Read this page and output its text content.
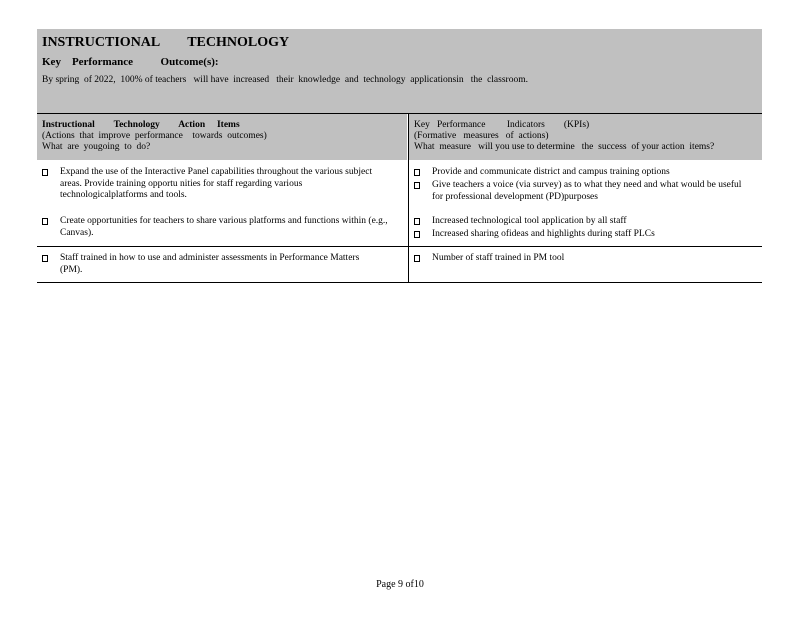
INSTRUCTIONAL        TECHNOLOGY
Key    Performance          Outcome(s):
By spring  of 2022,  100% of teachers   will have  increased   their  knowledge  and  technology  applicationsin   the  classroom.
Instructional        Technology        Action     Items
(Actions  that  improve  performance    towards  outcomes)
What  are  yougoing  to  do?
Key   Performance         Indicators        (KPIs)
(Formative   measures   of  actions)
What  measure   will you use to determine   the  success  of your action  items?
Expand the use of the Interactive Panel capabilities throughout the various subject areas. Provide training opportu nities for staff regarding various technologicalplatforms and tools.
Create opportunities for teachers to share various platforms and functions within (e.g., Canvas).
Provide and communicate district and campus training options
Give teachers a voice (via survey) as to what they need and what would be useful for professional development (PD)purposes
Increased technological tool application by all staff
Increased sharing ofideas and highlights during staff PLCs
Staff trained in how to use and administer assessments in Performance Matters (PM).
Number of staff trained in PM tool
Page 9 of10
